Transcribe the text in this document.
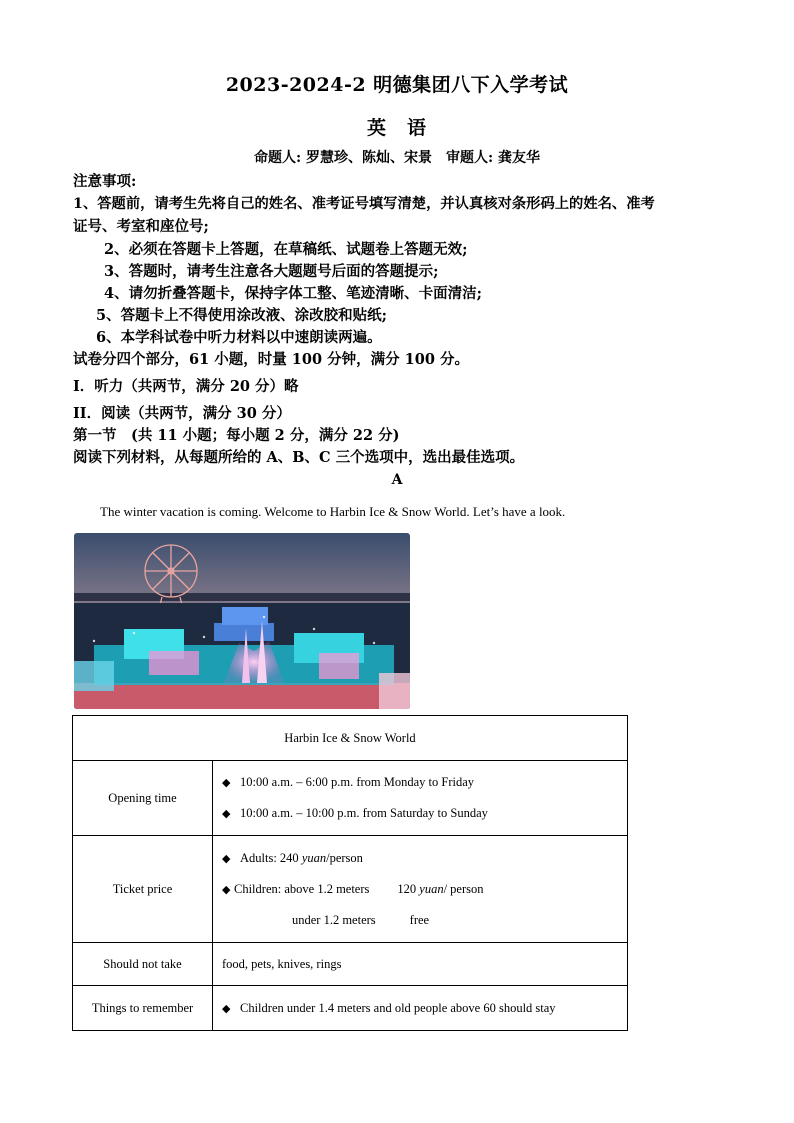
2023-2024-2 明德集团八下入学考试
英　语
命题人: 罗慧珍、陈灿、宋景　审题人: 龚友华
注意事项:
1、答题前，请考生先将自己的姓名、准考证号填写清楚，并认真核对条形码上的姓名、准考
证号、考室和座位号;
2、必须在答题卡上答题，在草稿纸、试题卷上答题无效;
3、答题时，请考生注意各大题题号后面的答题提示;
4、请勿折叠答题卡，保持字体工整、笔迹清晰、卡面清洁;
5、答题卡上不得使用涂改液、涂改胶和贴纸;
6、本学科试卷中听力材料以中速朗读两遍。
试卷分四个部分，61 小题，时量 100 分钟，满分 100 分。
I．听力（共两节，满分 20 分）略
II．阅读（共两节，满分 30 分）
第一节　(共 11 小题；每小题 2 分，满分 22 分)
阅读下列材料，从每题所给的 A、B、C 三个选项中，选出最佳选项。
A
The winter vacation is coming. Welcome to Harbin Ice & Snow World. Let’s have a look.
Harbin Ice & Snow World	
Opening time	◆ 10:00 a.m. – 6:00 p.m. from Monday to Friday
◆ 10:00 a.m. – 10:00 p.m. from Saturday to Sunday

Ticket price	◆ Adults: 240 yuan/person
◆ Children: above 1.2 meters 120 yuan/ person
under 1.2 meters free

Should not take	food, pets, knives, rings
Things to remember	◆ Children under 1.4 meters and old people above 60 should stay
